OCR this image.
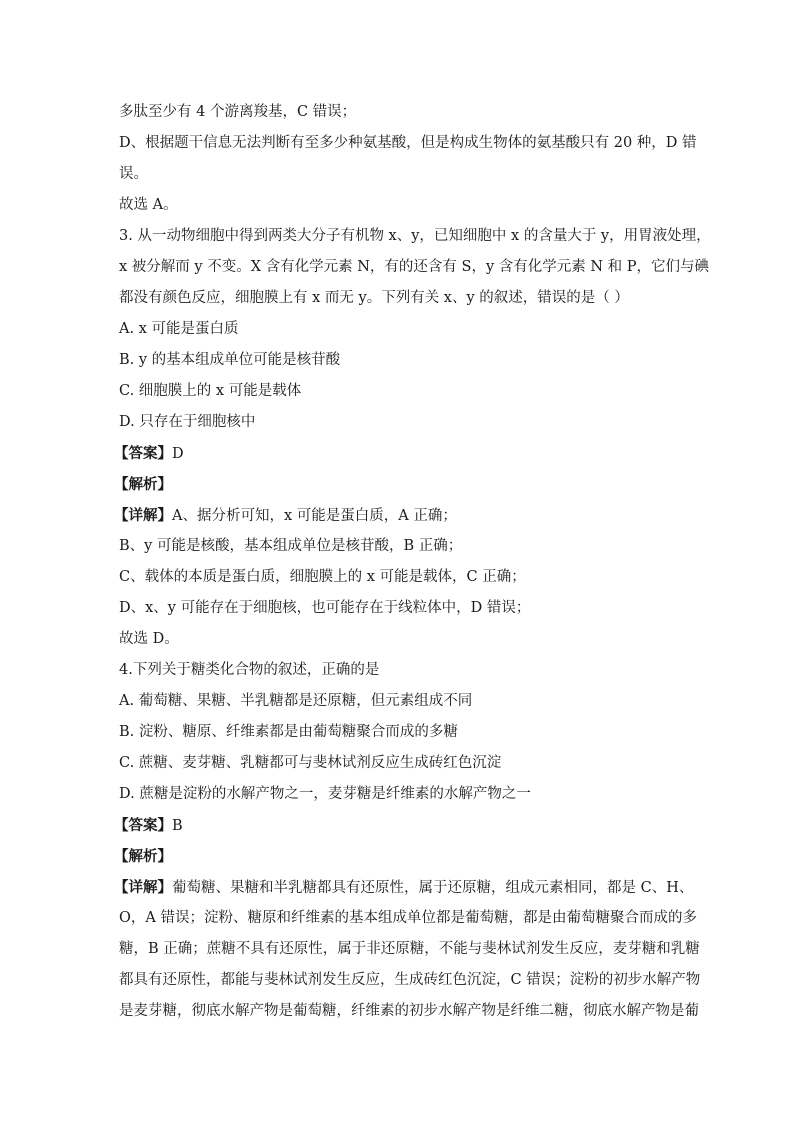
多肽至少有 4 个游离羧基，C 错误；
D、根据题干信息无法判断有至多少种氨基酸，但是构成生物体的氨基酸只有 20 种，D 错
误。
故选 A。
3. 从一动物细胞中得到两类大分子有机物 x、y，已知细胞中 x 的含量大于 y，用胃液处理，
x 被分解而 y 不变。X 含有化学元素 N，有的还含有 S，y 含有化学元素 N 和 P，它们与碘
都没有颜色反应，细胞膜上有 x 而无 y。下列有关 x、y 的叙述，错误的是（ ）
A. x 可能是蛋白质
B. y 的基本组成单位可能是核苷酸
C. 细胞膜上的 x 可能是载体
D. 只存在于细胞核中
【答案】D
【解析】
【详解】A、据分析可知，x 可能是蛋白质，A 正确；
B、y 可能是核酸，基本组成单位是核苷酸，B 正确；
C、载体的本质是蛋白质，细胞膜上的 x 可能是载体，C 正确；
D、x、y 可能存在于细胞核，也可能存在于线粒体中，D 错误；
故选 D。
4.下列关于糖类化合物的叙述，正确的是
A. 葡萄糖、果糖、半乳糖都是还原糖，但元素组成不同
B. 淀粉、糖原、纤维素都是由葡萄糖聚合而成的多糖
C. 蔗糖、麦芽糖、乳糖都可与斐林试剂反应生成砖红色沉淀
D. 蔗糖是淀粉的水解产物之一，麦芽糖是纤维素的水解产物之一
【答案】B
【解析】
【详解】葡萄糖、果糖和半乳糖都具有还原性，属于还原糖，组成元素相同，都是 C、H、
O，A 错误；淀粉、糖原和纤维素的基本组成单位都是葡萄糖，都是由葡萄糖聚合而成的多
糖，B 正确；蔗糖不具有还原性，属于非还原糖，不能与斐林试剂发生反应，麦芽糖和乳糖
都具有还原性，都能与斐林试剂发生反应，生成砖红色沉淀，C 错误；淀粉的初步水解产物
是麦芽糖，彻底水解产物是葡萄糖，纤维素的初步水解产物是纤维二糖，彻底水解产物是葡
